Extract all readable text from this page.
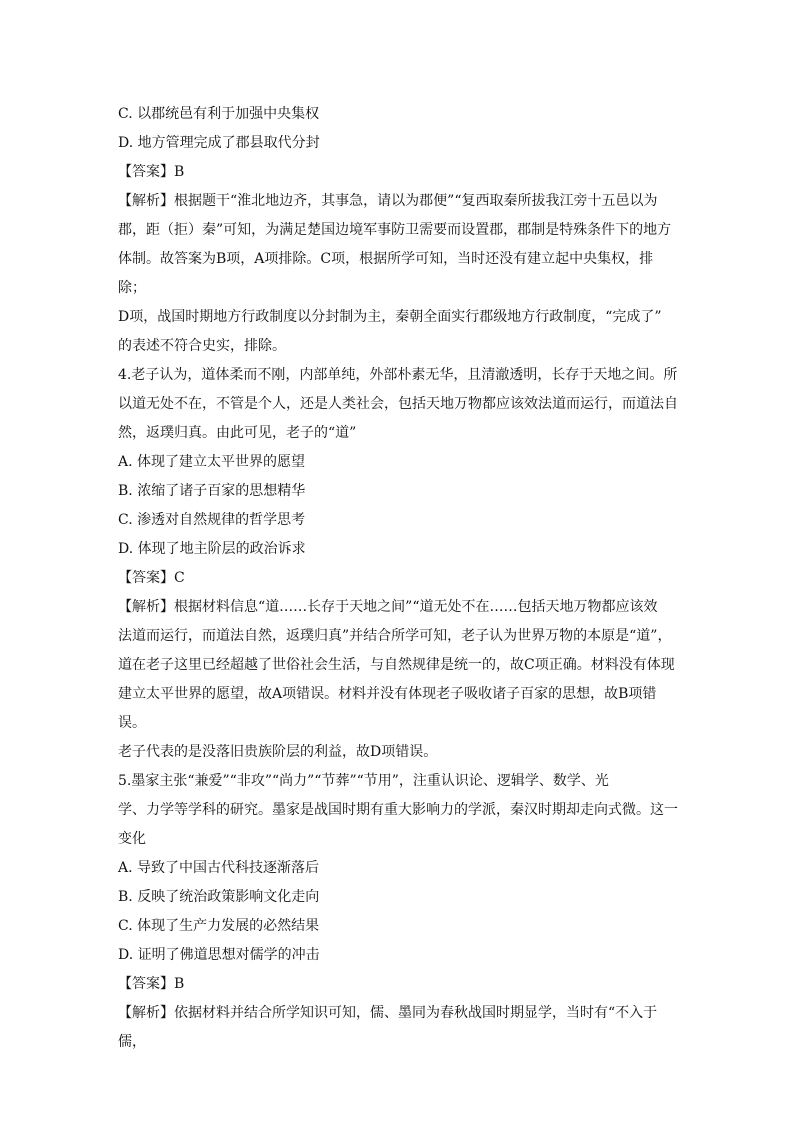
C. 以郡统邑有利于加强中央集权

D. 地方管理完成了郡县取代分封

【答案】B

【解析】根据题干“淮北地边齐，其事急，请以为郡便”“复西取秦所拔我江旁十五邑以为

郡，距（拒）秦”可知，为满足楚国边境军事防卫需要而设置郡，郡制是特殊条件下的地方

体制。故答案为B项，A项排除。C项，根据所学可知，当时还没有建立起中央集权，排除；

D项，战国时期地方行政制度以分封制为主，秦朝全面实行郡级地方行政制度，“完成了”

的表述不符合史实，排除。

4.老子认为，道体柔而不刚，内部单纯，外部朴素无华，且清澈透明，长存于天地之间。所

以道无处不在，不管是个人，还是人类社会，包括天地万物都应该效法道而运行，而道法自

然，返璞归真。由此可见，老子的“道”

A. 体现了建立太平世界的愿望

B. 浓缩了诸子百家的思想精华

C. 渗透对自然规律的哲学思考

D. 体现了地主阶层的政治诉求

【答案】C

【解析】根据材料信息“道……长存于天地之间”“道无处不在……包括天地万物都应该效

法道而运行，而道法自然，返璞归真”并结合所学可知，老子认为世界万物的本原是“道”，

道在老子这里已经超越了世俗社会生活，与自然规律是统一的，故C项正确。材料没有体现

建立太平世界的愿望，故A项错误。材料并没有体现老子吸收诸子百家的思想，故B项错误。

老子代表的是没落旧贵族阶层的利益，故D项错误。

5.墨家主张“兼爱”“非攻”“尚力”“节葬”“节用”，注重认识论、逻辑学、数学、光

学、力学等学科的研究。墨家是战国时期有重大影响力的学派，秦汉时期却走向式微。这一

变化

A. 导致了中国古代科技逐渐落后

B. 反映了统治政策影响文化走向

C. 体现了生产力发展的必然结果

D. 证明了佛道思想对儒学的冲击

【答案】B

【解析】依据材料并结合所学知识可知，儒、墨同为春秋战国时期显学，当时有“不入于儒，
